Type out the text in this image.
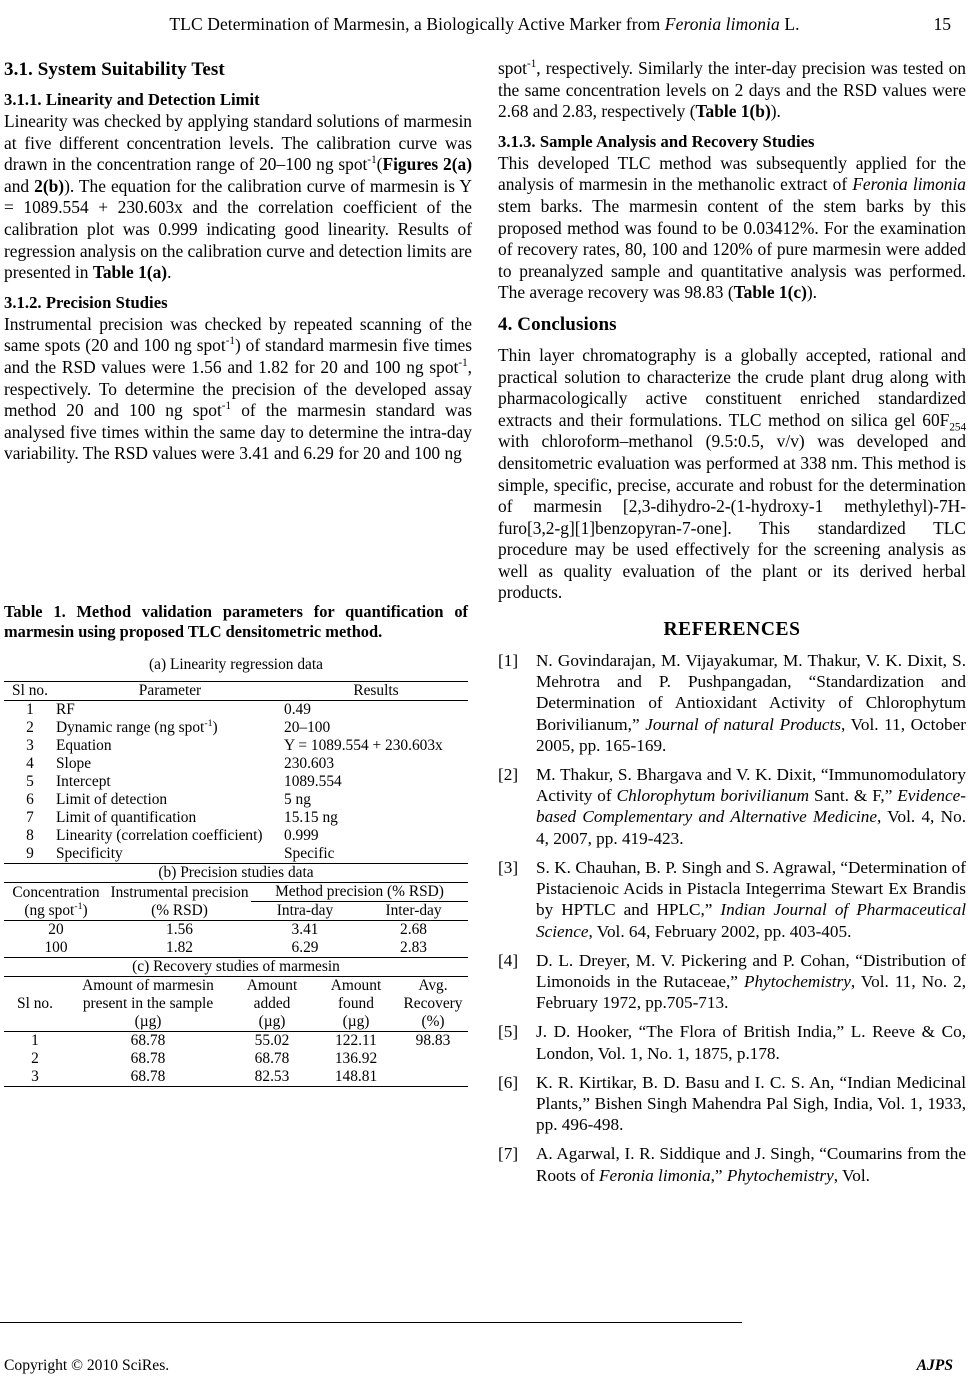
TLC Determination of Marmesin, a Biologically Active Marker from Feronia limonia L.	15
3.1. System Suitability Test
3.1.1. Linearity and Detection Limit

Linearity was checked by applying standard solutions of marmesin at five different concentration levels. The calibration curve was drawn in the concentration range of 20–100 ng spot$^{-1}$(Figures 2(a) and 2(b)). The equation for the calibration curve of marmesin is Y = 1089.554 + 230.603x and the correlation coefficient of the calibration plot was 0.999 indicating good linearity. Results of regression analysis on the calibration curve and detection limits are presented in Table 1(a).

3.1.2. Precision Studies

Instrumental precision was checked by repeated scanning of the same spots (20 and 100 ng spot$^{-1}$) of standard marmesin five times and the RSD values were 1.56 and 1.82 for 20 and 100 ng spot$^{-1}$, respectively. To determine the precision of the developed assay method 20 and 100 ng spot$^{-1}$ of the marmesin standard was analysed five times within the same day to determine the intra-day variability. The RSD values were 3.41 and 6.29 for 20 and 100 ng

spot$^{-1}$, respectively. Similarly the inter-day precision was tested on the same concentration levels on 2 days and the RSD values were 2.68 and 2.83, respectively (Table 1(b)).

3.1.3. Sample Analysis and Recovery Studies

This developed TLC method was subsequently applied for the analysis of marmesin in the methanolic extract of Feronia limonia stem barks. The marmesin content of the stem barks by this proposed method was found to be 0.03412%. For the examination of recovery rates, 80, 100 and 120% of pure marmesin were added to preanalyzed sample and quantitative analysis was performed. The average recovery was 98.83 (Table 1(c)).

4. Conclusions

Thin layer chromatography is a globally accepted, rational and practical solution to characterize the crude plant drug along with pharmacologically active constituent enriched standardized extracts and their formulations. TLC method on silica gel $60F_{254}$ with chloroform–methanol (9.5:0.5, v/v) was developed and densitometric evaluation was performed at 338 nm. This method is simple, specific, precise, accurate and robust for the determination of marmesin [2,3-dihydro-2-(1-hydroxy-1 methylethyl)-7H-furo[3,2-g][1]benzopyran-7-one]. This standardized TLC procedure may be used effectively for the screening analysis as well as quality evaluation of the plant or its derived herbal products.

REFERENCES
[1]	N. Govindarajan, M. Vijayakumar, M. Thakur, V. K. Dixit, S. Mehrotra and P. Pushpangadan, “Standardization and Determination of Antioxidant Activity of Chlorophytum Borivilianum,” Journal of natural Products, Vol. 11, October 2005, pp. 165-169.
[2]	M. Thakur, S. Bhargava and V. K. Dixit, “Immunomodulatory Activity of Chlorophytum borivilianum Sant. & F,” Evidence-based Complementary and Alternative Medicine, Vol. 4, No. 4, 2007, pp. 419-423.
[3]	S. K. Chauhan, B. P. Singh and S. Agrawal, “Determination of Pistacienoic Acids in Pistacla Integerrima Stewart Ex Brandis by HPTLC and HPLC,” Indian Journal of Pharmaceutical Science, Vol. 64, February 2002, pp. 403-405.
[4]	D. L. Dreyer, M. V. Pickering and P. Cohan, “Distribution of Limonoids in the Rutaceae,” Phytochemistry, Vol. 11, No. 2, February 1972, pp.705-713.
[5]	J. D. Hooker, “The Flora of British India,” L. Reeve & Co, London, Vol. 1, No. 1, 1875, p.178.
[6]	K. R. Kirtikar, B. D. Basu and I. C. S. An, “Indian Medicinal Plants,” Bishen Singh Mahendra Pal Sigh, India, Vol. 1, 1933, pp. 496-498.
[7]	A. Agarwal, I. R. Siddique and J. Singh, “Coumarins from the Roots of Feronia limonia,” Phytochemistry, Vol.
Table 1. Method validation parameters for quantification of marmesin using proposed TLC densitometric method.
(a) Linearity regression data
Sl no.	Parameter	Results
1	RF	0.49
2	Dynamic range (ng spot$^{-1}$)	20–100
3	Equation	Y = 1089.554 + 230.603x
4	Slope	230.603
5	Intercept	1089.554
6	Limit of detection	5 ng
7	Limit of quantification	15.15 ng
8	Linearity (correlation coefficient)	0.999
9	Specificity	Specific
(b) Precision studies data			
Concentration
(ng spot$^{-1}$)	Instrumental precision
(% RSD)	Method precision (% RSD)	
		Intra-day	Inter-day
20	1.56	3.41	2.68
100	1.82	6.29	2.83
(c) Recovery studies of marmesin				
Sl no.	Amount of marmesin
present in the sample
(µg)	Amount
added
(µg)	Amount
found
(µg)	Avg.
Recovery
(%)
1	68.78	55.02	122.11	98.83
2	68.78	68.78	136.92	
3	68.78	82.53	148.81	
Copyright © 2010 SciRes.	AJPS
